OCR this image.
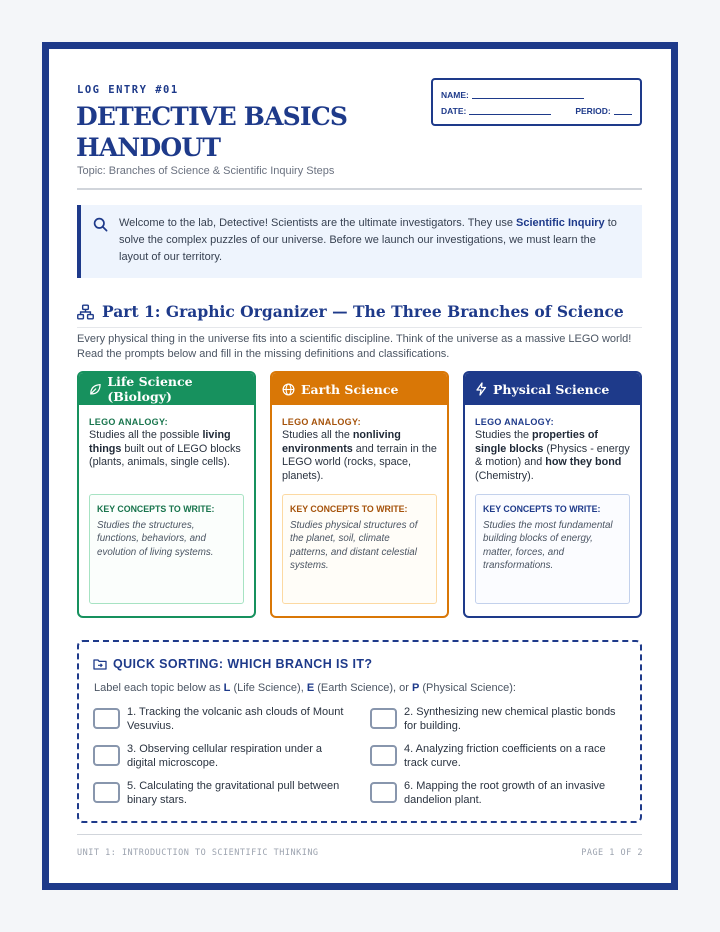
LOG ENTRY #01
DETECTIVE BASICS HANDOUT
Topic: Branches of Science & Scientific Inquiry Steps
NAME:
DATE:	PERIOD:
Welcome to the lab, Detective! Scientists are the ultimate investigators. They use Scientific Inquiry to solve the complex puzzles of our universe. Before we launch our investigations, we must learn the layout of our territory.
Part 1: Graphic Organizer — The Three Branches of Science
Every physical thing in the universe fits into a scientific discipline. Think of the universe as a massive LEGO world! Read the prompts below and fill in the missing definitions and classifications.
Life Science (Biology)
LEGO ANALOGY:
Studies all the possible living things built out of LEGO blocks (plants, animals, single cells).
KEY CONCEPTS TO WRITE:
Studies the structures, functions, behaviors, and evolution of living systems.
Earth Science
LEGO ANALOGY:
Studies all the nonliving environments and terrain in the LEGO world (rocks, space, planets).
KEY CONCEPTS TO WRITE:
Studies physical structures of the planet, soil, climate patterns, and distant celestial systems.
Physical Science
LEGO ANALOGY:
Studies the properties of single blocks (Physics - energy & motion) and how they bond (Chemistry).
KEY CONCEPTS TO WRITE:
Studies the most fundamental building blocks of energy, matter, forces, and transformations.
QUICK SORTING: WHICH BRANCH IS IT?
Label each topic below as L (Life Science), E (Earth Science), or P (Physical Science):
1. Tracking the volcanic ash clouds of Mount Vesuvius.
2. Synthesizing new chemical plastic bonds for building.
3. Observing cellular respiration under a digital microscope.
4. Analyzing friction coefficients on a race track curve.
5. Calculating the gravitational pull between binary stars.
6. Mapping the root growth of an invasive dandelion plant.
UNIT 1: INTRODUCTION TO SCIENTIFIC THINKING	PAGE 1 OF 2
